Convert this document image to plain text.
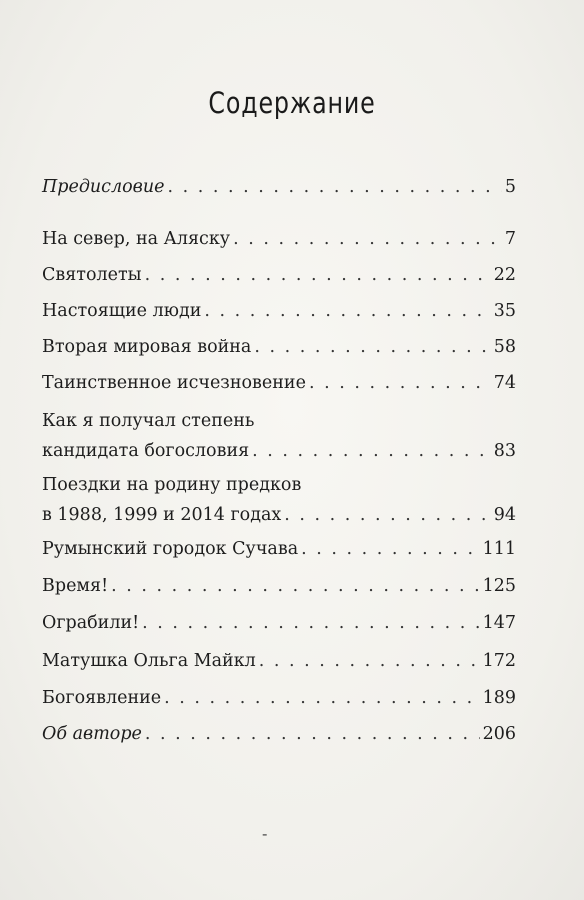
Содержание
Предисловие . . .	5
На север, на Аляску . . .	7
Святолеты . . .	22
Настоящие люди . . .	35
Вторая мировая война . . .	58
Таинственное исчезновение . . .	74
Как я получал степень
кандидата богословия . . .	83
Поездки на родину предков
в 1988, 1999 и 2014 годах . . .	94
Румынский городок Сучава . . .	111
Время! . . .	125
Ограбили! . . .	147
Матушка Ольга Майкл . . .	172
Богоявление . . .	189
Об авторе . . .	206
-
